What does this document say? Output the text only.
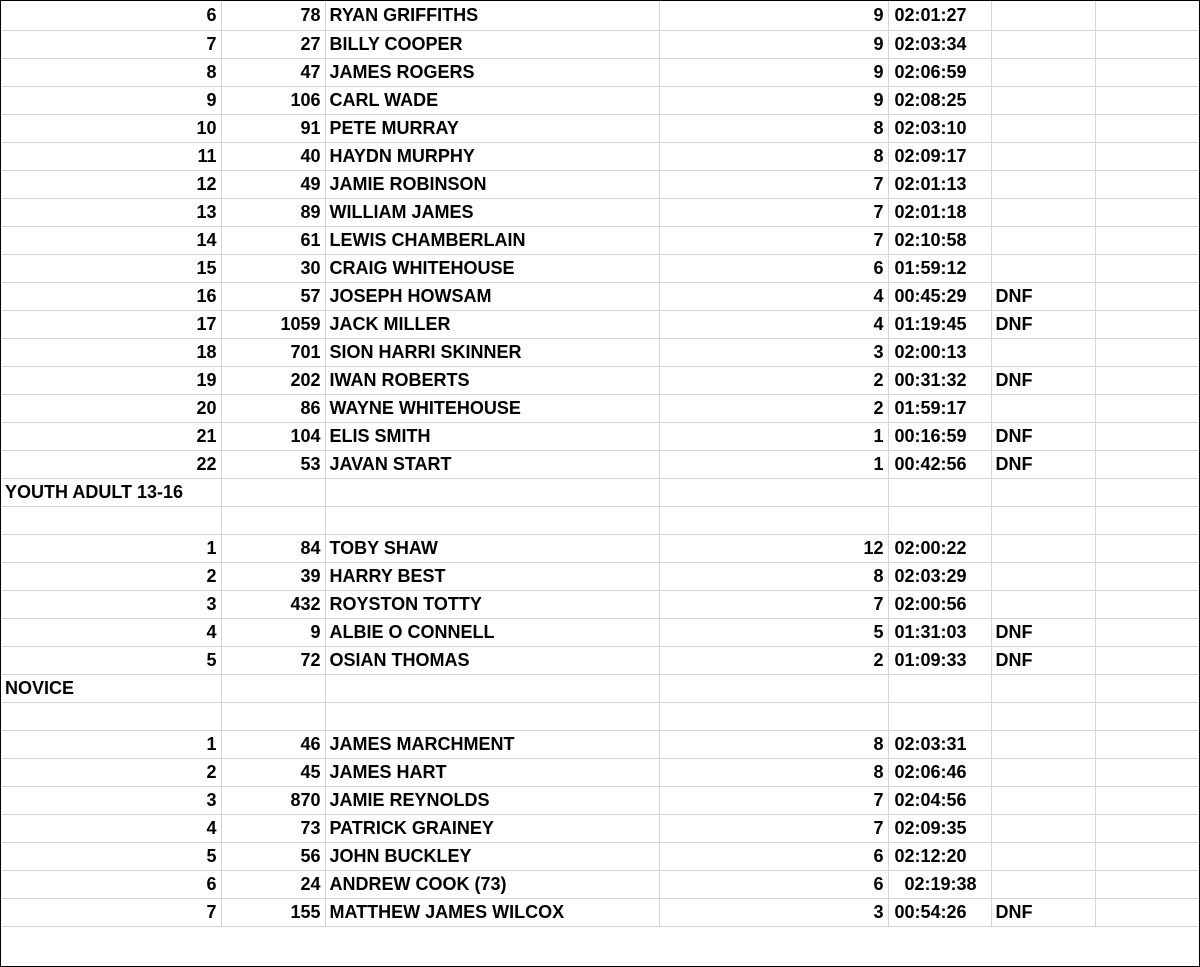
6	78	RYAN GRIFFITHS	9	02:01:27		
7	27	BILLY COOPER	9	02:03:34		
8	47	JAMES ROGERS	9	02:06:59		
9	106	CARL WADE	9	02:08:25		
10	91	PETE MURRAY	8	02:03:10		
11	40	HAYDN MURPHY	8	02:09:17		
12	49	JAMIE ROBINSON	7	02:01:13		
13	89	WILLIAM JAMES	7	02:01:18		
14	61	LEWIS CHAMBERLAIN	7	02:10:58		
15	30	CRAIG WHITEHOUSE	6	01:59:12		
16	57	JOSEPH HOWSAM	4	00:45:29	DNF	
17	1059	JACK MILLER	4	01:19:45	DNF	
18	701	SION HARRI SKINNER	3	02:00:13		
19	202	IWAN ROBERTS	2	00:31:32	DNF	
20	86	WAYNE WHITEHOUSE	2	01:59:17		
21	104	ELIS SMITH	1	00:16:59	DNF	
22	53	JAVAN START	1	00:42:56	DNF	
YOUTH ADULT 13-16						

1	84	TOBY SHAW	12	02:00:22		
2	39	HARRY BEST	8	02:03:29		
3	432	ROYSTON TOTTY	7	02:00:56		
4	9	ALBIE O CONNELL	5	01:31:03	DNF	
5	72	OSIAN THOMAS	2	01:09:33	DNF	
NOVICE						

1	46	JAMES MARCHMENT	8	02:03:31		
2	45	JAMES HART	8	02:06:46		
3	870	JAMIE REYNOLDS	7	02:04:56		
4	73	PATRICK GRAINEY	7	02:09:35		
5	56	JOHN BUCKLEY	6	02:12:20		
6	24	ANDREW COOK (73)	6	02:19:38		
7	155	MATTHEW JAMES WILCOX	3	00:54:26	DNF	
